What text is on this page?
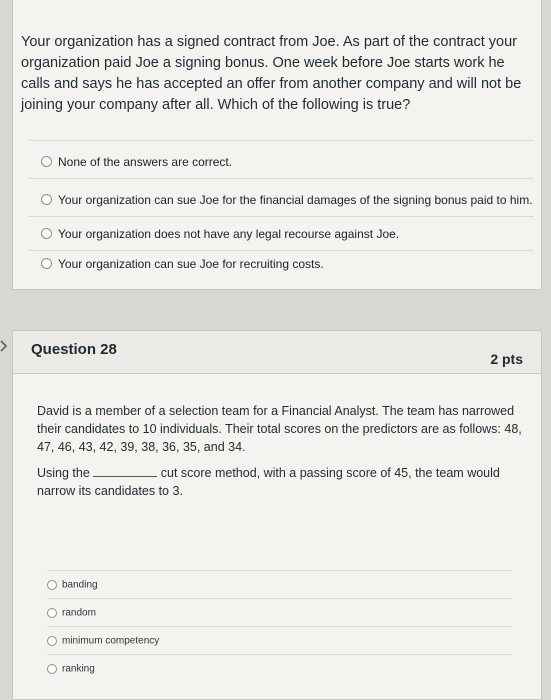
Your organization has a signed contract from Joe. As part of the contract your organization paid Joe a signing bonus. One week before Joe starts work he calls and says he has accepted an offer from another company and will not be joining your company after all. Which of the following is true?
None of the answers are correct.
Your organization can sue Joe for the financial damages of the signing bonus paid to him.
Your organization does not have any legal recourse against Joe.
Your organization can sue Joe for recruiting costs.
Question 28
2 pts
David is a member of a selection team for a Financial Analyst. The team has narrowed their candidates to 10 individuals. Their total scores on the predictors are as follows: 48, 47, 46, 43, 42, 39, 38, 36, 35, and 34.
Using the	cut score method, with a passing score of 45, the team would narrow its candidates to 3.
banding
random
minimum competency
ranking
